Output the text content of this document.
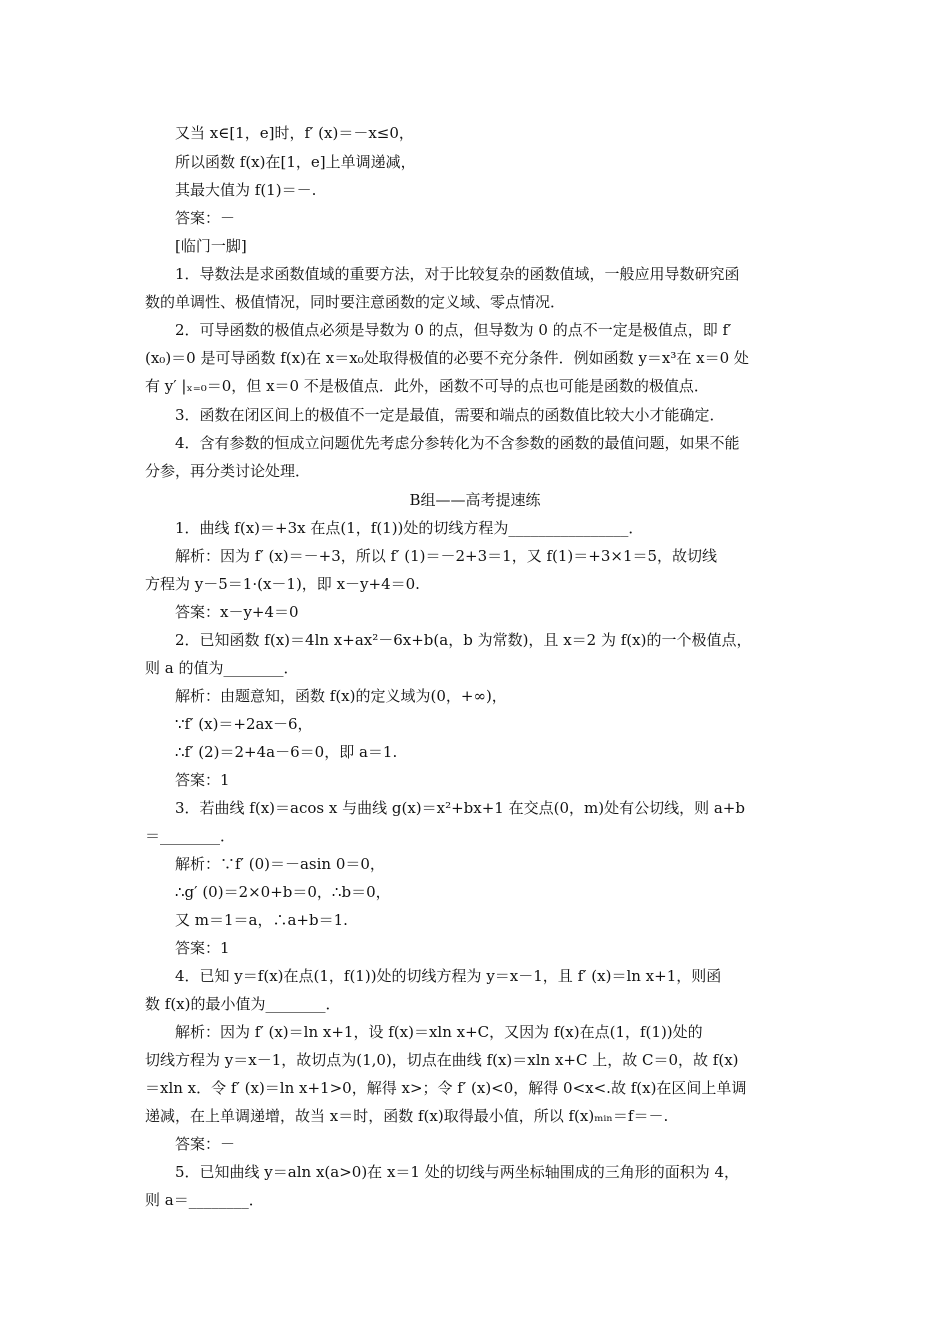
又当 x∈[1，e]时，f′ (x)＝－x≤0，
所以函数 f(x)在[1，e]上单调递减，
其最大值为 f(1)＝－.
答案：－
[临门一脚]
1．导数法是求函数值域的重要方法，对于比较复杂的函数值域，一般应用导数研究函
数的单调性、极值情况，同时要注意函数的定义域、零点情况．
2．可导函数的极值点必须是导数为 0 的点，但导数为 0 的点不一定是极值点，即 f′
(x₀)＝0 是可导函数 f(x)在 x＝x₀处取得极值的必要不充分条件．例如函数 y＝x³在 x＝0 处
有 y′ |ₓ₌₀＝0，但 x＝0 不是极值点．此外，函数不可导的点也可能是函数的极值点．
3．函数在闭区间上的极值不一定是最值，需要和端点的函数值比较大小才能确定．
4．含有参数的恒成立问题优先考虑分参转化为不含参数的函数的最值问题，如果不能
分参，再分类讨论处理．
B组——高考提速练
1．曲线 f(x)＝+3x 在点(1，f(1))处的切线方程为________________．
解析：因为 f′ (x)＝－+3，所以 f′ (1)＝－2+3＝1，又 f(1)＝+3×1＝5，故切线
方程为 y－5＝1·(x－1)，即 x－y+4＝0.
答案：x－y+4＝0
2．已知函数 f(x)＝4ln x+ax²－6x+b(a，b 为常数)，且 x＝2 为 f(x)的一个极值点，
则 a 的值为________．
解析：由题意知，函数 f(x)的定义域为(0，+∞)，
∵f′ (x)＝+2ax－6，
∴f′ (2)＝2+4a－6＝0，即 a＝1.
答案：1
3．若曲线 f(x)＝acos x 与曲线 g(x)＝x²+bx+1 在交点(0，m)处有公切线，则 a+b
＝________．
解析：∵f′ (0)＝－asin 0＝0，
∴g′ (0)＝2×0+b＝0，∴b＝0，
又 m＝1＝a，∴a+b＝1.
答案：1
4．已知 y＝f(x)在点(1，f(1))处的切线方程为 y＝x－1，且 f′ (x)＝ln x+1，则函
数 f(x)的最小值为________．
解析：因为 f′ (x)＝ln x+1，设 f(x)＝xln x+C，又因为 f(x)在点(1，f(1))处的
切线方程为 y＝x－1，故切点为(1,0)，切点在曲线 f(x)＝xln x+C 上，故 C＝0，故 f(x)
＝xln x．令 f′ (x)＝ln x+1>0，解得 x>；令 f′ (x)<0，解得 0<x<.故 f(x)在区间上单调
递减，在上单调递增，故当 x＝时，函数 f(x)取得最小值，所以 f(x)ₘᵢₙ＝f＝－.
答案：－
5．已知曲线 y＝aln x(a>0)在 x＝1 处的切线与两坐标轴围成的三角形的面积为 4，
则 a＝________．
